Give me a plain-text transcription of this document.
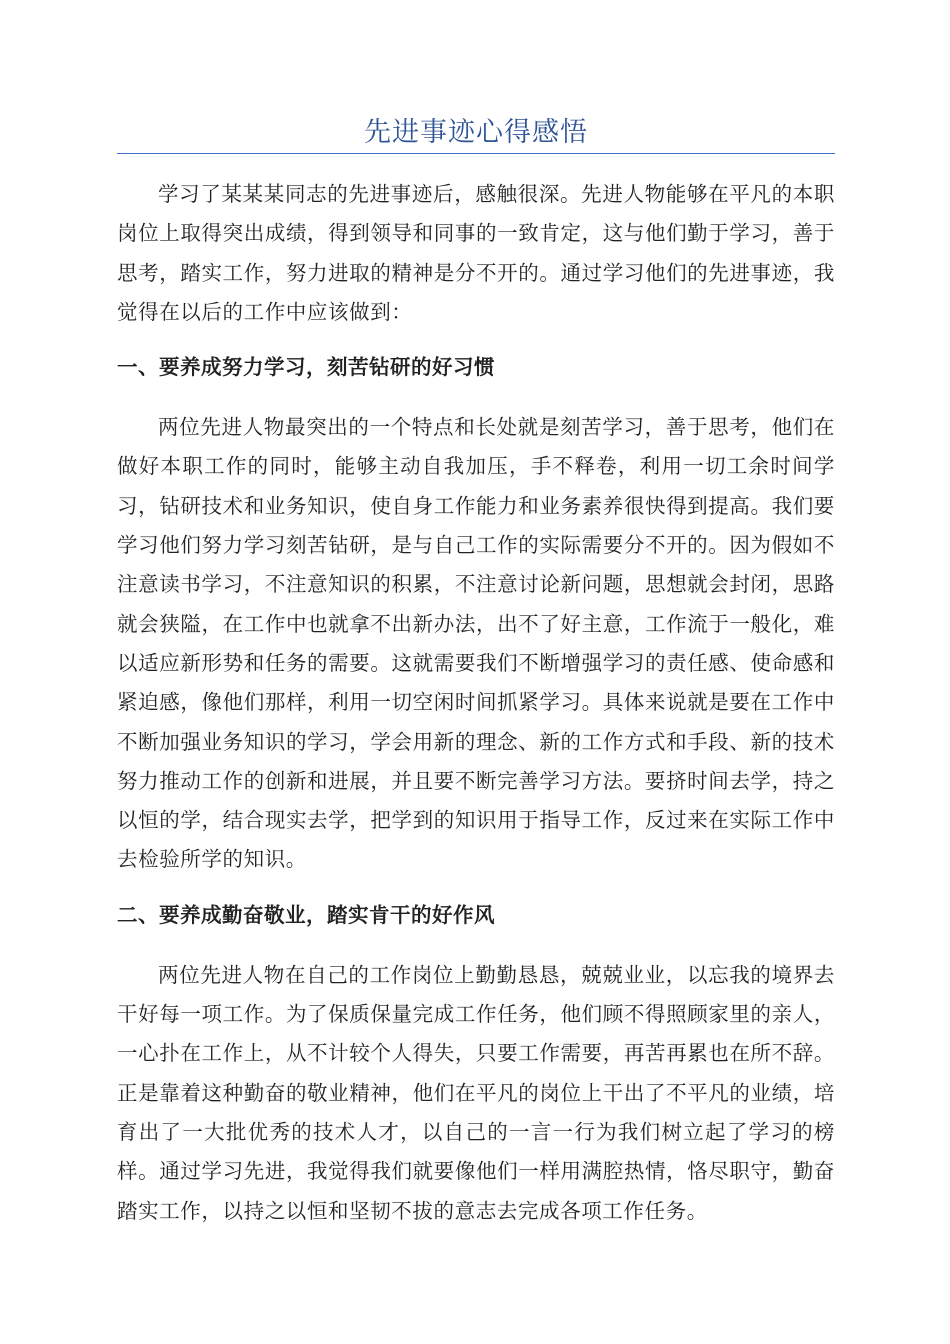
先进事迹心得感悟

学习了某某某同志的先进事迹后，感触很深。先进人物能够在平凡的本职岗位上取得突出成绩，得到领导和同事的一致肯定，这与他们勤于学习，善于思考，踏实工作，努力进取的精神是分不开的。通过学习他们的先进事迹，我觉得在以后的工作中应该做到：

一、要养成努力学习，刻苦钻研的好习惯

两位先进人物最突出的一个特点和长处就是刻苦学习，善于思考，他们在做好本职工作的同时，能够主动自我加压，手不释卷，利用一切工余时间学习，钻研技术和业务知识，使自身工作能力和业务素养很快得到提高。我们要学习他们努力学习刻苦钻研，是与自己工作的实际需要分不开的。因为假如不注意读书学习，不注意知识的积累，不注意讨论新问题，思想就会封闭，思路就会狭隘，在工作中也就拿不出新办法，出不了好主意，工作流于一般化，难以适应新形势和任务的需要。这就需要我们不断增强学习的责任感、使命感和紧迫感，像他们那样，利用一切空闲时间抓紧学习。具体来说就是要在工作中不断加强业务知识的学习，学会用新的理念、新的工作方式和手段、新的技术努力推动工作的创新和进展，并且要不断完善学习方法。要挤时间去学，持之以恒的学，结合现实去学，把学到的知识用于指导工作，反过来在实际工作中去检验所学的知识。

二、要养成勤奋敬业，踏实肯干的好作风

两位先进人物在自己的工作岗位上勤勤恳恳，兢兢业业，以忘我的境界去干好每一项工作。为了保质保量完成工作任务，他们顾不得照顾家里的亲人，一心扑在工作上，从不计较个人得失，只要工作需要，再苦再累也在所不辞。正是靠着这种勤奋的敬业精神，他们在平凡的岗位上干出了不平凡的业绩，培育出了一大批优秀的技术人才，以自己的一言一行为我们树立起了学习的榜样。通过学习先进，我觉得我们就要像他们一样用满腔热情，恪尽职守，勤奋踏实工作，以持之以恒和坚韧不拔的意志去完成各项工作任务。
